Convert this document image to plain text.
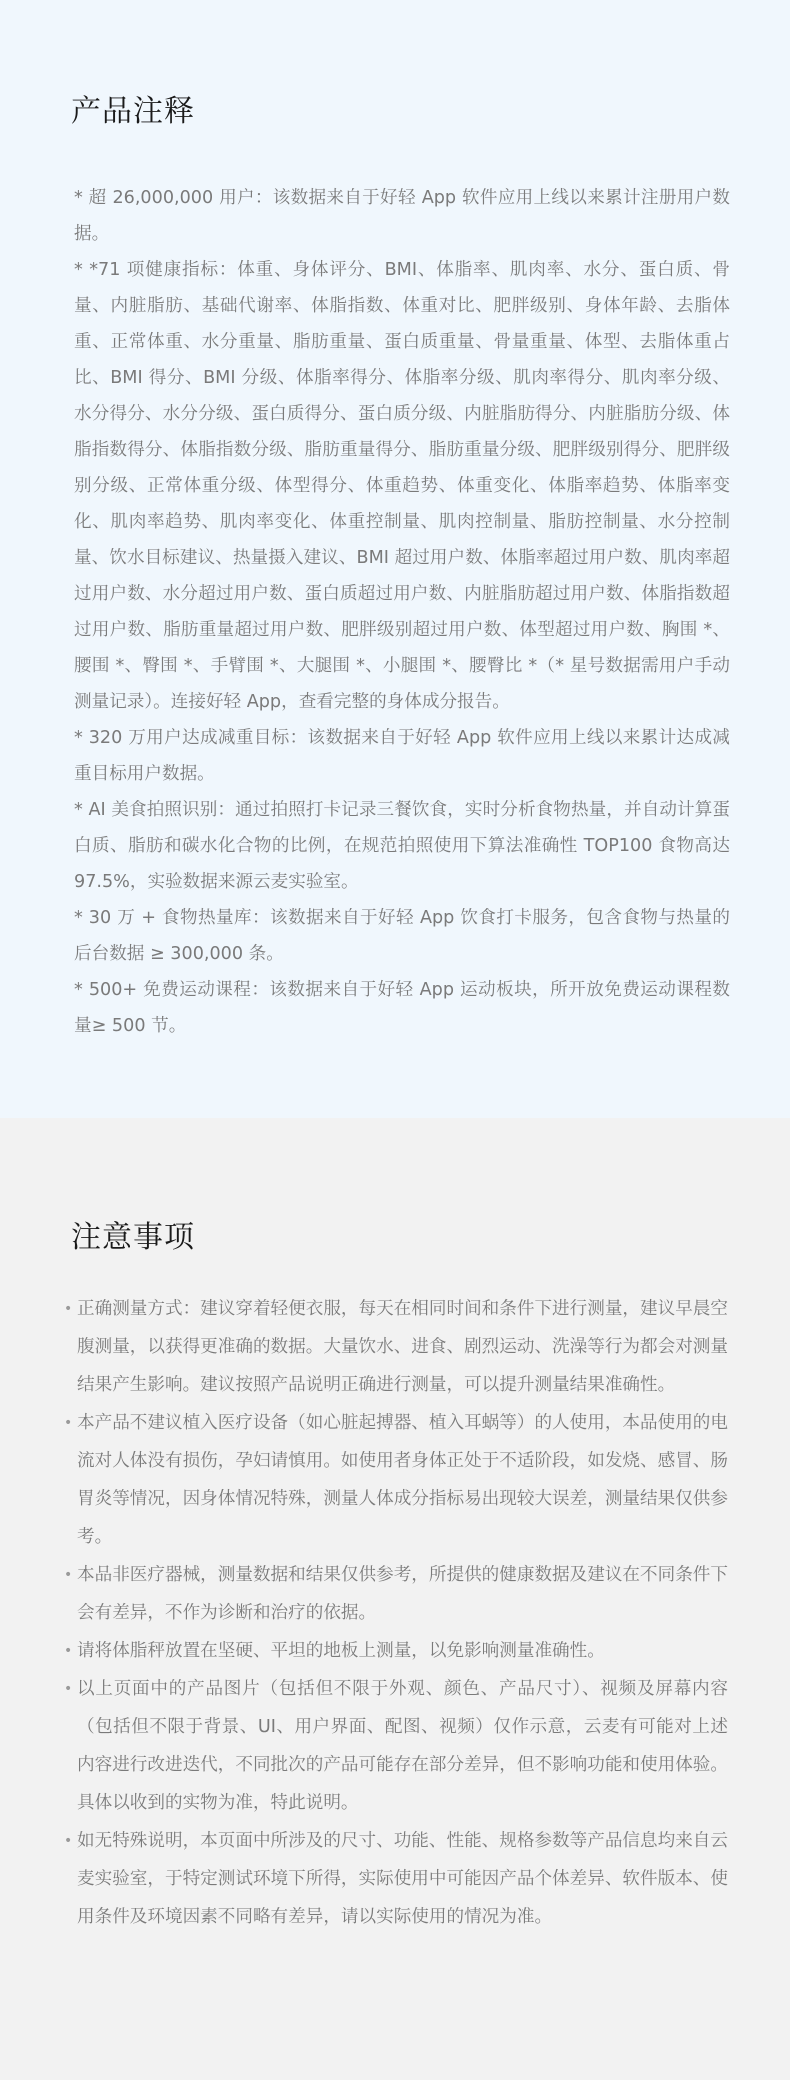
产品注释

* 超 26,000,000 用户：该数据来自于好轻 App 软件应用上线以来累计注册用户数据。

* *71 项健康指标：体重、身体评分、BMI、体脂率、肌肉率、水分、蛋白质、骨量、内脏脂肪、基础代谢率、体脂指数、体重对比、肥胖级别、身体年龄、去脂体重、正常体重、水分重量、脂肪重量、蛋白质重量、骨量重量、体型、去脂体重占比、BMI 得分、BMI 分级、体脂率得分、体脂率分级、肌肉率得分、肌肉率分级、水分得分、水分分级、蛋白质得分、蛋白质分级、内脏脂肪得分、内脏脂肪分级、体脂指数得分、体脂指数分级、脂肪重量得分、脂肪重量分级、肥胖级别得分、肥胖级别分级、正常体重分级、体型得分、体重趋势、体重变化、体脂率趋势、体脂率变化、肌肉率趋势、肌肉率变化、体重控制量、肌肉控制量、脂肪控制量、水分控制量、饮水目标建议、热量摄入建议、BMI 超过用户数、体脂率超过用户数、肌肉率超过用户数、水分超过用户数、蛋白质超过用户数、内脏脂肪超过用户数、体脂指数超过用户数、脂肪重量超过用户数、肥胖级别超过用户数、体型超过用户数、胸围 *、腰围 *、臀围 *、手臂围 *、大腿围 *、小腿围 *、腰臀比 *（* 星号数据需用户手动测量记录）。连接好轻 App，查看完整的身体成分报告。

* 320 万用户达成减重目标：该数据来自于好轻 App 软件应用上线以来累计达成减重目标用户数据。

* AI 美食拍照识别：通过拍照打卡记录三餐饮食，实时分析食物热量，并自动计算蛋白质、脂肪和碳水化合物的比例，在规范拍照使用下算法准确性 TOP100 食物高达 97.5%，实验数据来源云麦实验室。

* 30 万 + 食物热量库：该数据来自于好轻 App 饮食打卡服务，包含食物与热量的后台数据 ≥ 300,000 条。

* 500+ 免费运动课程：该数据来自于好轻 App 运动板块，所开放免费运动课程数量≥ 500 节。

注意事项
• 正确测量方式：建议穿着轻便衣服，每天在相同时间和条件下进行测量，建议早晨空腹测量，以获得更准确的数据。大量饮水、进食、剧烈运动、洗澡等行为都会对测量结果产生影响。建议按照产品说明正确进行测量，可以提升测量结果准确性。
• 本产品不建议植入医疗设备（如心脏起搏器、植入耳蜗等）的人使用，本品使用的电流对人体没有损伤，孕妇请慎用。如使用者身体正处于不适阶段，如发烧、感冒、肠胃炎等情况，因身体情况特殊，测量人体成分指标易出现较大误差，测量结果仅供参考。
• 本品非医疗器械，测量数据和结果仅供参考，所提供的健康数据及建议在不同条件下会有差异，不作为诊断和治疗的依据。
• 请将体脂秤放置在坚硬、平坦的地板上测量，以免影响测量准确性。
• 以上页面中的产品图片（包括但不限于外观、颜色、产品尺寸）、视频及屏幕内容（包括但不限于背景、UI、用户界面、配图、视频）仅作示意，云麦有可能对上述内容进行改进迭代，不同批次的产品可能存在部分差异，但不影响功能和使用体验。具体以收到的实物为准，特此说明。
• 如无特殊说明，本页面中所涉及的尺寸、功能、性能、规格参数等产品信息均来自云麦实验室，于特定测试环境下所得，实际使用中可能因产品个体差异、软件版本、使用条件及环境因素不同略有差异，请以实际使用的情况为准。
